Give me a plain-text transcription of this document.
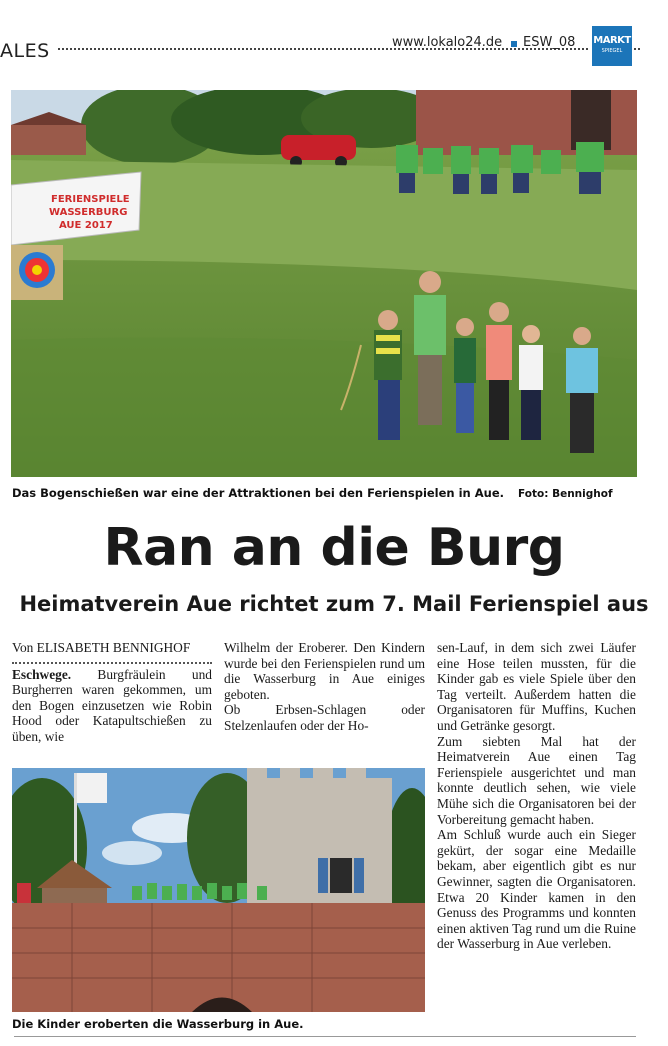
ALES	www.lokalo24.de ESW_08 MARKT
SPIEGEL
FERIENSPIELE
WASSERBURG
AUE 2017
Das Bogenschießen war eine der Attraktionen bei den Ferienspielen in Aue. Foto: Bennighof
Ran an die Burg
Heimatverein Aue richtet zum 7. Mail Ferienspiel aus

Von ELISABETH BENNIGHOF

Eschwege. Burgfräulein und Burgherren waren gekommen, um den Bogen einzusetzen wie Robin Hood oder Katapultschießen zu üben, wie

Wilhelm der Eroberer. Den Kindern wurde bei den Ferienspielen rund um die Wasserburg in Aue einiges geboten.

Ob Erbsen-Schlagen oder Stelzenlaufen oder der Ho-

sen-Lauf, in dem sich zwei Läufer eine Hose teilen mussten, für die Kinder gab es viele Spiele über den Tag verteilt. Außerdem hatten die Organisatoren für Muffins, Kuchen und Getränke gesorgt.

Zum siebten Mal hat der Heimatverein Aue einen Tag Ferienspiele ausgerichtet und man konnte deutlich sehen, wie viele Mühe sich die Organisatoren bei der Vorbereitung gemacht haben.

Am Schluß wurde auch ein Sieger gekürt, der sogar eine Medaille bekam, aber eigentlich gibt es nur Gewinner, sagten die Organisatoren. Etwa 20 Kinder kamen in den Genuss des Programms und konnten einen aktiven Tag rund um die Ruine der Wasserburg in Aue verleben.

Die Kinder eroberten die Wasserburg in Aue.
